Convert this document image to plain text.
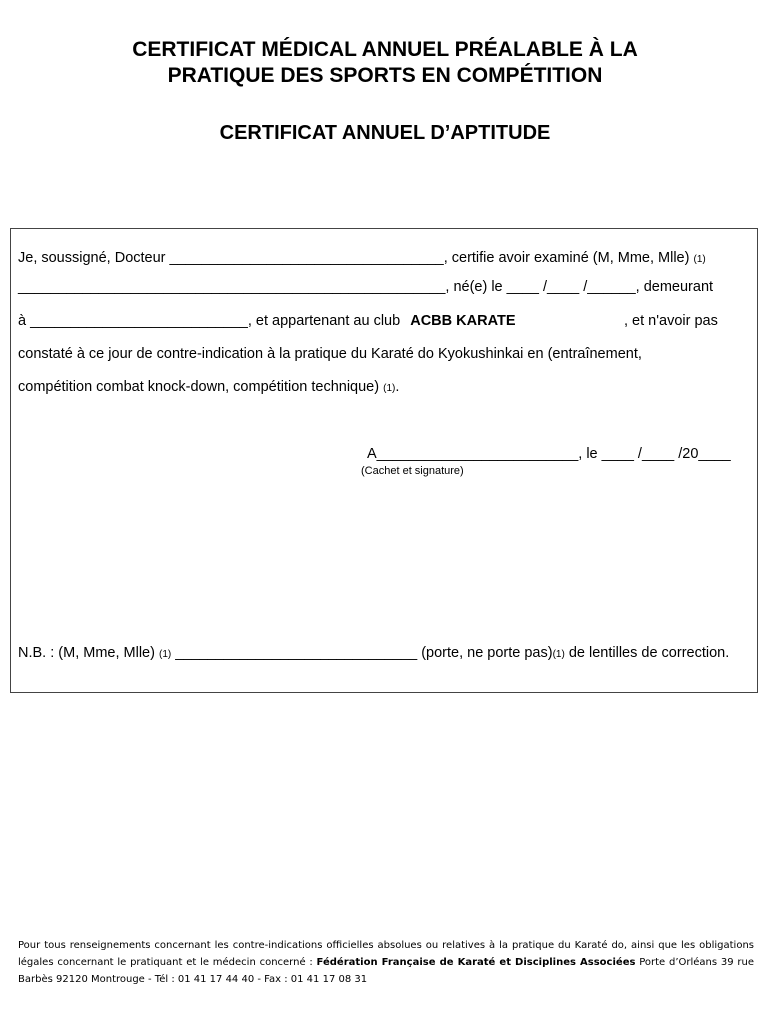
CERTIFICAT MÉDICAL ANNUEL PRÉALABLE À LA
PRATIQUE DES SPORTS EN COMPÉTITION
CERTIFICAT ANNUEL D’APTITUDE
Je, soussigné, Docteur __________________________________, certifie avoir examiné (M, Mme, Mlle) (1)
_____________________________________________________, né(e) le ____ /____ /______, demeurant
à ___________________________, et appartenant au club ACBB KARATE	, et n'avoir pas
constaté à ce jour de contre-indication à la pratique du Karaté do Kyokushinkai en (entraînement,
compétition combat knock-down, compétition technique) (1).
A_________________________, le ____ /____ /20____
(Cachet et signature)
N.B. : (M, Mme, Mlle) (1) ______________________________ (porte, ne porte pas)(1) de lentilles de correction.
Pour tous renseignements concernant les contre-indications officielles absolues ou relatives à la pratique du Karaté do, ainsi que les obligations légales concernant le pratiquant et le médecin concerné : Fédération Française de Karaté et Disciplines Associées Porte d’Orléans 39 rue Barbès 92120 Montrouge - Tél : 01 41 17 44 40 - Fax : 01 41 17 08 31
